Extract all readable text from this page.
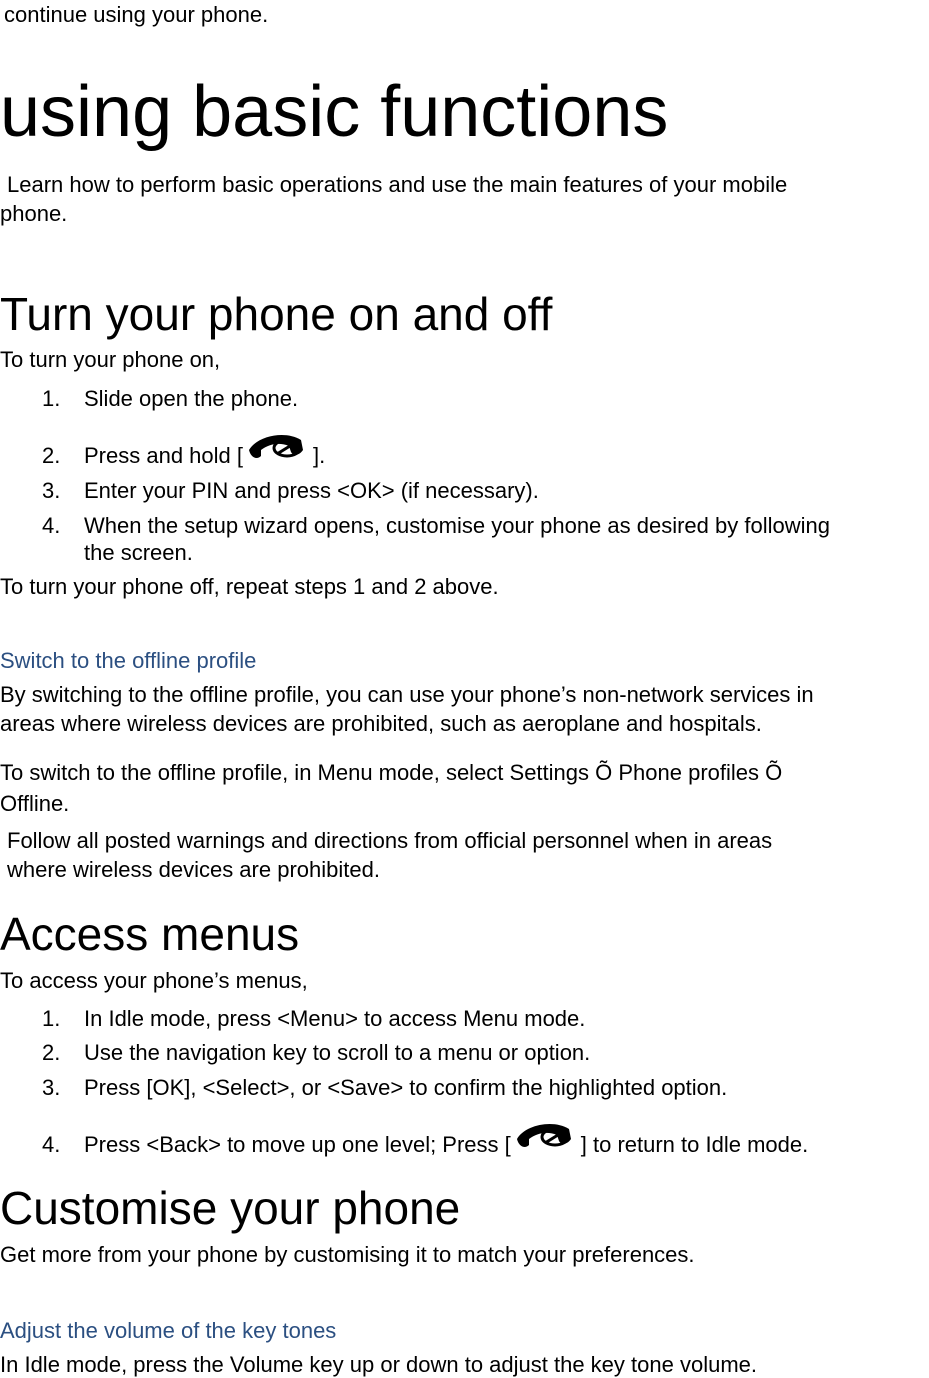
continue using your phone.
using basic functions
Learn how to perform basic operations and use the main features of your mobile
phone.
Turn your phone on and off
To turn your phone on,
1. Slide open the phone.
2. Press and hold [	].
3. Enter your PIN and press <OK> (if necessary).
4. When the setup wizard opens, customise your phone as desired by following
the screen.
To turn your phone off, repeat steps 1 and 2 above.
Switch to the offline profile
By switching to the offline profile, you can use your phone’s non-network services in
areas where wireless devices are prohibited, such as aeroplane and hospitals.
To switch to the offline profile, in Menu mode, select Settings Õ Phone profiles Õ
Offline.
Follow all posted warnings and directions from official personnel when in areas
where wireless devices are prohibited.
Access menus
To access your phone’s menus,
1. In Idle mode, press <Menu> to access Menu mode.
2. Use the navigation key to scroll to a menu or option.
3. Press [OK], <Select>, or <Save> to confirm the highlighted option.
4. Press <Back> to move up one level; Press [	] to return to Idle mode.
Customise your phone
Get more from your phone by customising it to match your preferences.
Adjust the volume of the key tones
In Idle mode, press the Volume key up or down to adjust the key tone volume.
